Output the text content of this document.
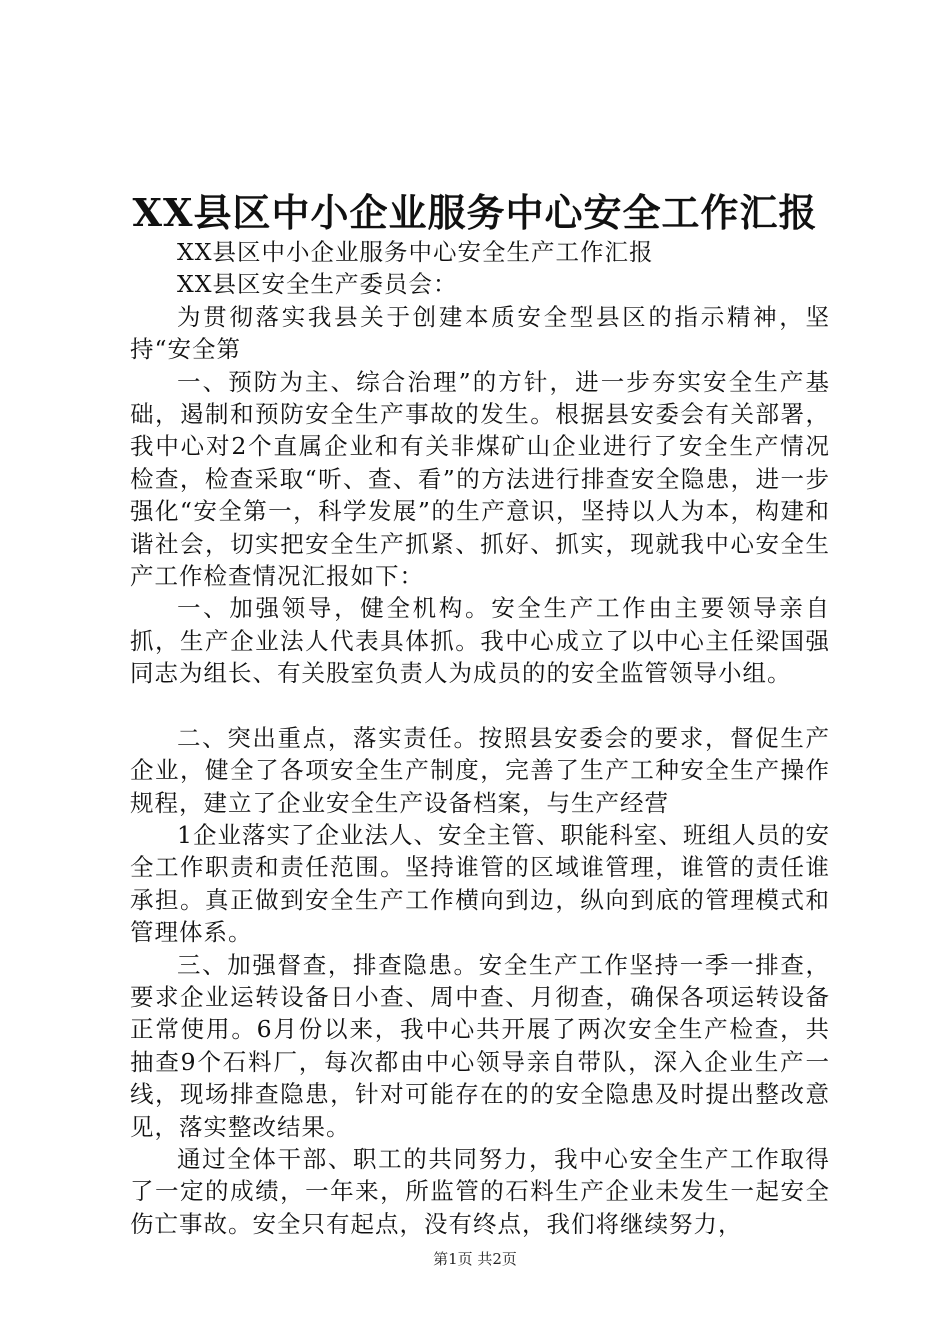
XX县区中小企业服务中心安全工作汇报

XX县区中小企业服务中心安全生产工作汇报

XX县区安全生产委员会：

为贯彻落实我县关于创建本质安全型县区的指示精神，坚持“安全第

一、预防为主、综合治理”的方针，进一步夯实安全生产基础，遏制和预防安全生产事故的发生。根据县安委会有关部署，我中心对2个直属企业和有关非煤矿山企业进行了安全生产情况检查，检查采取“听、查、看”的方法进行排查安全隐患，进一步强化“安全第一，科学发展”的生产意识，坚持以人为本，构建和谐社会，切实把安全生产抓紧、抓好、抓实，现就我中心安全生产工作检查情况汇报如下：

一、加强领导，健全机构。安全生产工作由主要领导亲自抓，生产企业法人代表具体抓。我中心成立了以中心主任梁国强同志为组长、有关股室负责人为成员的的安全监管领导小组。

二、突出重点，落实责任。按照县安委会的要求，督促生产企业，健全了各项安全生产制度，完善了生产工种安全生产操作规程，建立了企业安全生产设备档案，与生产经营

1企业落实了企业法人、安全主管、职能科室、班组人员的安全工作职责和责任范围。坚持谁管的区域谁管理，谁管的责任谁承担。真正做到安全生产工作横向到边，纵向到底的管理模式和管理体系。

三、加强督查，排查隐患。安全生产工作坚持一季一排查，要求企业运转设备日小查、周中查、月彻查，确保各项运转设备正常使用。6月份以来，我中心共开展了两次安全生产检查，共抽查9个石料厂，每次都由中心领导亲自带队，深入企业生产一线，现场排查隐患，针对可能存在的的安全隐患及时提出整改意见，落实整改结果。

通过全体干部、职工的共同努力，我中心安全生产工作取得了一定的成绩，一年来，所监管的石料生产企业未发生一起安全伤亡事故。安全只有起点，没有终点，我们将继续努力，

第1页 共2页
